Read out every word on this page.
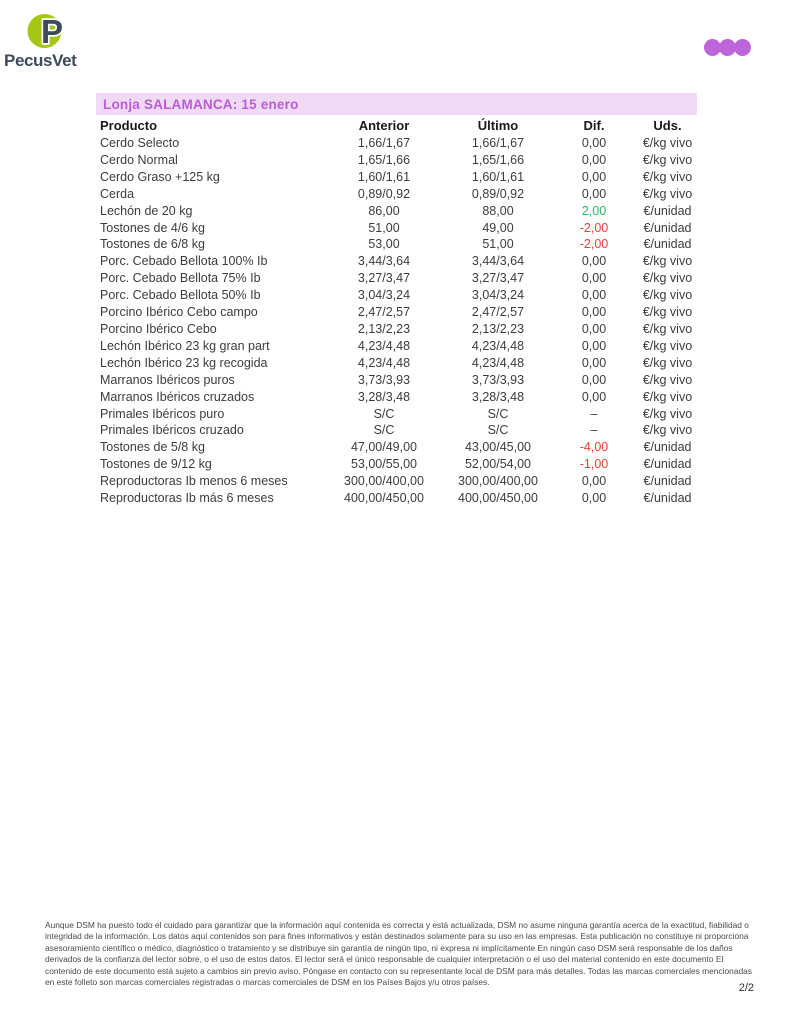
P
PecusVet
Lonja SALAMANCA: 15 enero
Producto	Anterior	Último	Dif.	Uds.
Cerdo Selecto	1,66/1,67	1,66/1,67	0,00	€/kg vivo
Cerdo Normal	1,65/1,66	1,65/1,66	0,00	€/kg vivo
Cerdo Graso +125 kg	1,60/1,61	1,60/1,61	0,00	€/kg vivo
Cerda	0,89/0,92	0,89/0,92	0,00	€/kg vivo
Lechón de 20 kg	86,00	88,00	2,00	€/unidad
Tostones de 4/6 kg	51,00	49,00	-2,00	€/unidad
Tostones de 6/8 kg	53,00	51,00	-2,00	€/unidad
Porc. Cebado Bellota 100% Ib	3,44/3,64	3,44/3,64	0,00	€/kg vivo
Porc. Cebado Bellota 75% Ib	3,27/3,47	3,27/3,47	0,00	€/kg vivo
Porc. Cebado Bellota 50% Ib	3,04/3,24	3,04/3,24	0,00	€/kg vivo
Porcino Ibérico Cebo campo	2,47/2,57	2,47/2,57	0,00	€/kg vivo
Porcino Ibérico Cebo	2,13/2,23	2,13/2,23	0,00	€/kg vivo
Lechón Ibérico 23 kg gran part	4,23/4,48	4,23/4,48	0,00	€/kg vivo
Lechón Ibérico 23 kg recogida	4,23/4,48	4,23/4,48	0,00	€/kg vivo
Marranos Ibéricos puros	3,73/3,93	3,73/3,93	0,00	€/kg vivo
Marranos Ibéricos cruzados	3,28/3,48	3,28/3,48	0,00	€/kg vivo
Primales Ibéricos puro	S/C	S/C	–	€/kg vivo
Primales Ibéricos cruzado	S/C	S/C	–	€/kg vivo
Tostones de 5/8 kg	47,00/49,00	43,00/45,00	-4,00	€/unidad
Tostones de 9/12 kg	53,00/55,00	52,00/54,00	-1,00	€/unidad
Reproductoras Ib menos 6 meses	300,00/400,00	300,00/400,00	0,00	€/unidad
Reproductoras Ib más 6 meses	400,00/450,00	400,00/450,00	0,00	€/unidad

Aunque DSM ha puesto todo el cuidado para garantizar que la información aquí contenida es correcta y está actualizada, DSM no asume ninguna garantía acerca de la exactitud, fiabilidad o integridad de la información. Los datos aquí contenidos son para fines informativos y están destinados solamente para su uso en las empresas. Esta publicación no constituye ni proporciona asesoramiento científico o médico, diagnóstico o tratamiento y se distribuye sin garantía de ningún tipo, ni expresa ni implícitamente En ningún caso DSM será responsable de los daños derivados de la confianza del lector sobre, o el uso de estos datos. El lector será el único responsable de cualquier interpretación o el uso del material contenido en este documento El contenido de este documento está sujeto a cambios sin previo aviso. Póngase en contacto con su representante local de DSM para más detalles. Todas las marcas comerciales mencionadas en este folleto son marcas comerciales registradas o marcas comerciales de DSM en los Países Bajos y/u otros países.	2/2
